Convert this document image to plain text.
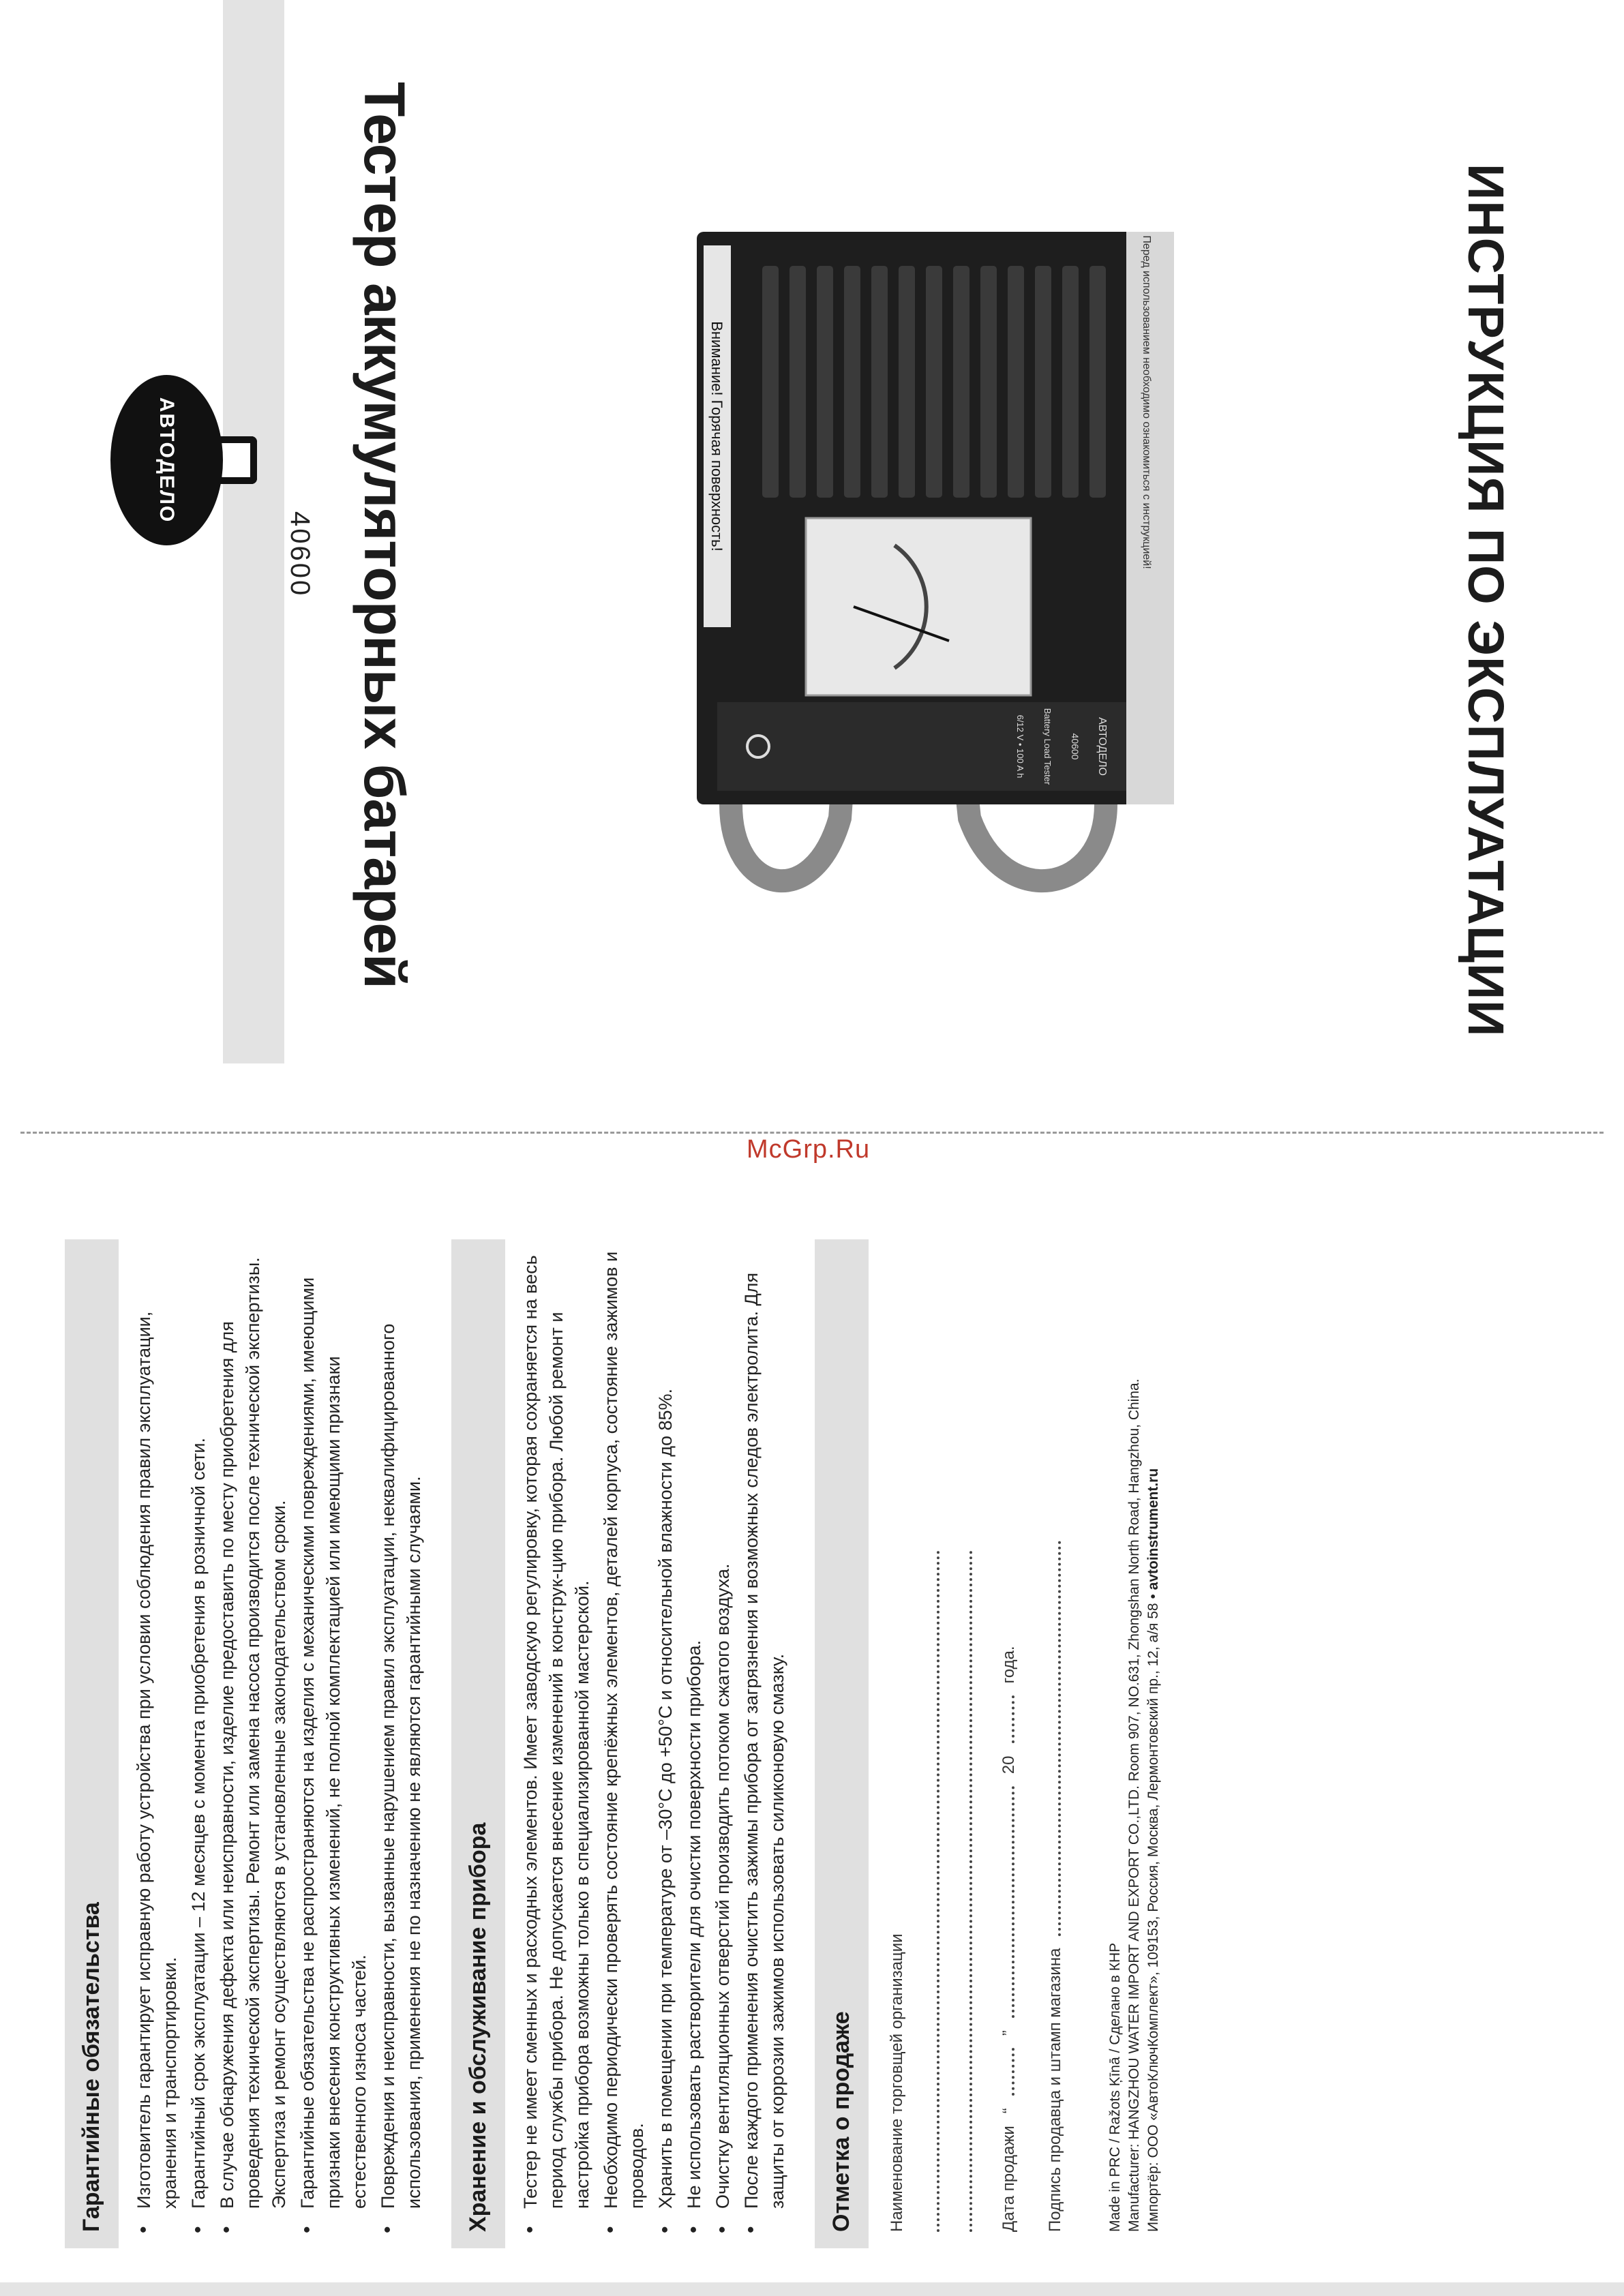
АВТОДЕЛО
40600 Тестер аккумуляторных батарей	Внимание! Горячая поверхность!	Перед использованием необходимо ознакомиться с инструкцией!
АВТОДЕЛО
40600
Battery Load Tester
6/12 V • 100 A h	ИНСТРУКЦИЯ ПО ЭКСПЛУАТАЦИИ
McGrp.Ru
Гарантийные обязательства	• Изготовитель гарантирует исправную работу устройства при условии соблюдения правил эксплуатации, хранения и транспортировки. • Гарантийный срок эксплуатации – 12 месяцев с момента приобретения в розничной сети. • В случае обнаружения дефекта или неисправности, изделие предоставить по месту приобретения для проведения технической экспертизы. Ремонт или замена насоса производится после технической экспертизы. Экспертиза и ремонт осуществляются в установленные законодательством сроки. • Гарантийные обязательства не распространяются на изделия с механическими повреждениями, имеющими признаки внесения конструктивных изменений, не полной комплектацией или имеющими признаки естественного износа частей. • Повреждения и неисправности, вызванные нарушением правил эксплуатации, неквалифицированного использования, применения не по назначению не являются гарантийными случаями.	Хранение и обслуживание прибора	• Тестер не имеет сменных и расходных элементов. Имеет заводскую регулировку, которая сохраняется на весь период службы прибора. Не допускается внесение изменений в конструк-цию прибора. Любой ремонт и настройка прибора возможны только в специализированной мастерской. • Необходимо периодически проверять состояние крепёжных элементов, деталей корпуса, состояние зажимов и проводов. • Хранить в помещении при температуре от –30°С до +50°С и относительной влажности до 85%. • Не использовать растворители для очистки поверхности прибора. • Очистку вентиляционных отверстий производить потоком сжатого воздуха. • После каждого применения очистить зажимы прибора от загрязнения и возможных следов электролита. Для защиты от коррозии зажимов использовать силиконовую смазку.	Отметка о продаже	Наименование торговщей организации	Дата продажи
“
”
20
года.
Подпись продавца и штамп магазина	Made in PRC / Ražots Ķīnā / Сделано в КНР Manufacturer: HANGZHOU WATER IMPORT AND EXPORT CO.,LTD. Room 907, NO.631, Zhongshan North Road, Hangzhou, China. Импортёр: ООО «АвтоКлючКомплект», 109153, Россия, Москва, Лермонтовский пр., 12, а/я 58 • avtoinstrument.ru
